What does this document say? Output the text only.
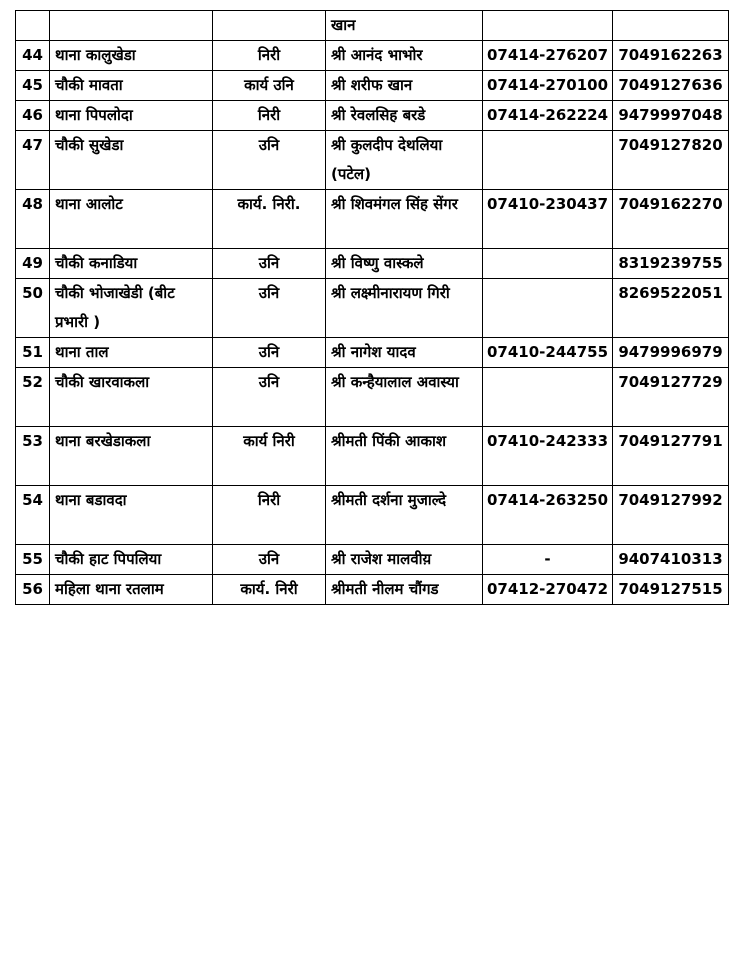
			खान		
44	थाना कालुखेडा	निरी	श्री आनंद भाभोर	07414-276207	7049162263
45	चौकी मावता	कार्य उनि	श्री शरीफ खान	07414-270100	7049127636
46	थाना पिपलोदा	निरी	श्री रेवलसिह बरडे	07414-262224	9479997048
47	चौकी सुखेडा	उनि	श्री कुलदीप देथलिया (पटेल)		7049127820
48	थाना आलोट	कार्य. निरी.	श्री शिवमंगल सिंह सेंगर	07410-230437	7049162270
49	चौकी कनाडिया	उनि	श्री विष्णु वास्कले		8319239755
50	चौकी भोजाखेडी (बीट प्रभारी )	उनि	श्री लक्ष्मीनारायण गिरी		8269522051
51	थाना ताल	उनि	श्री नागेश यादव	07410-244755	9479996979
52	चौकी खारवाकला	उनि	श्री कन्हैयालाल अवास्या		7049127729
53	थाना बरखेडाकला	कार्य निरी	श्रीमती पिंकी आकाश	07410-242333	7049127791
54	थाना बडावदा	निरी	श्रीमती दर्शना मुजाल्दे	07414-263250	7049127992
55	चौकी हाट पिपलिया	उनि	श्री राजेश मालवीय़	-	9407410313
56	महिला थाना रतलाम	कार्य. निरी	श्रीमती नीलम चौंगड	07412-270472	7049127515
